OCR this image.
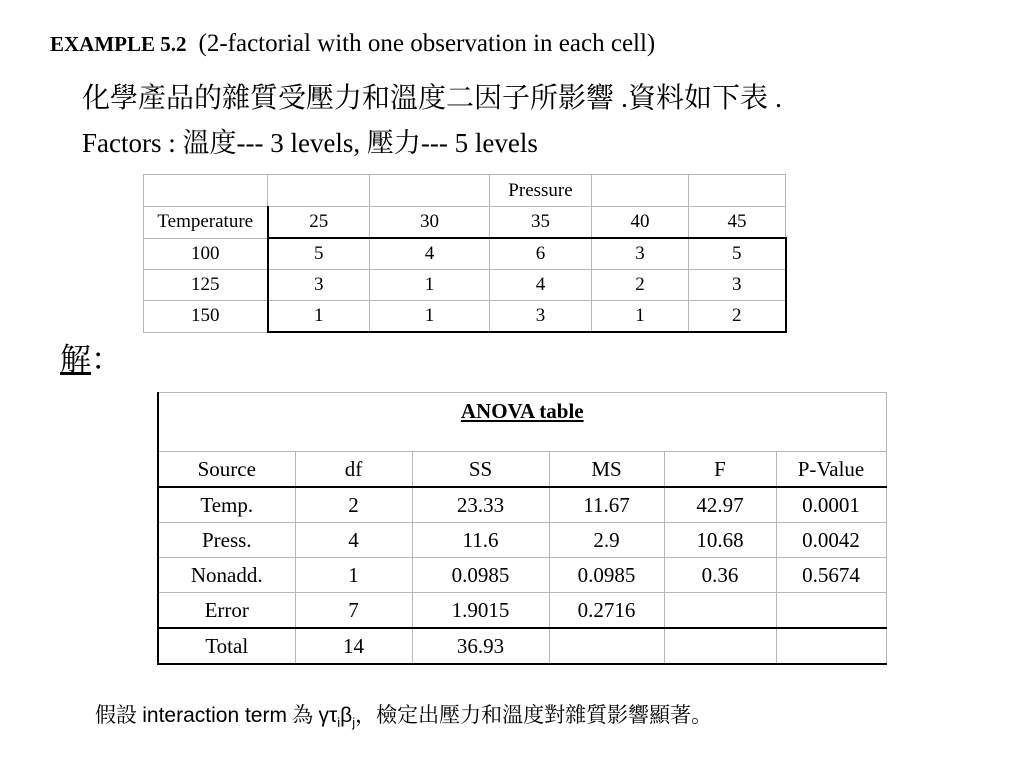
EXAMPLE 5.2 (2-factorial with one observation in each cell)
化學產品的雜質受壓力和溫度二因子所影響 .資料如下表 .
Factors : 溫度--- 3 levels, 壓力--- 5 levels
			Pressure		
Temperature	25	30	35	40	45
100	5	4	6	3	5
125	3	1	4	2	3
150	1	1	3	1	2
解：
ANOVA table					
Source	df	SS	MS	F	P-Value
Temp.	2	23.33	11.67	42.97	0.0001
Press.	4	11.6	2.9	10.68	0.0042
Nonadd.	1	0.0985	0.0985	0.36	0.5674
Error	7	1.9015	0.2716		
Total	14	36.93			
假設 interaction term 為 $\gamma\tau_i\beta_j$，檢定出壓力和溫度對雜質影響顯著。
